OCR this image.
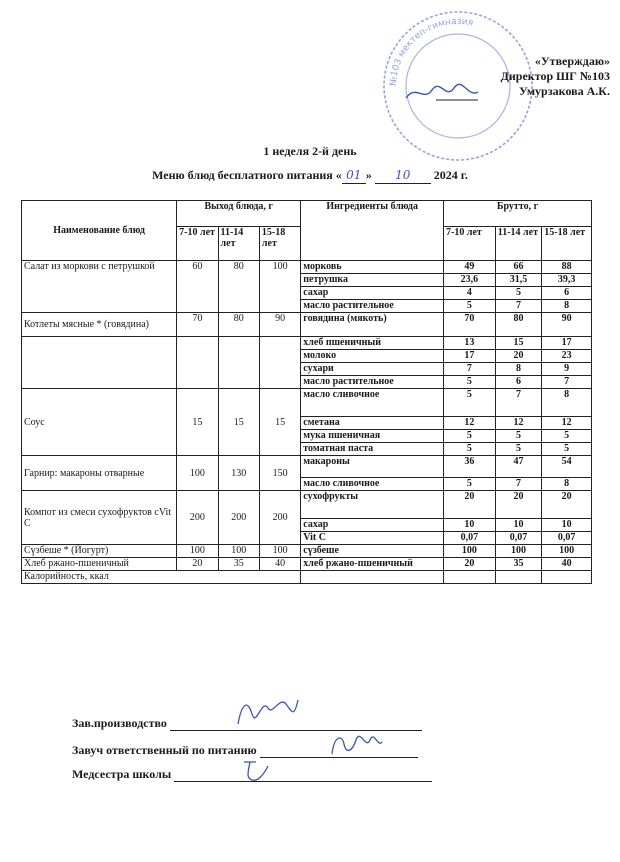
№103 мектеп-гимназия
«Утверждаю»
Директор ШГ №103
Умурзакова А.К.
1 неделя 2-й день
Меню блюд бесплатного питания « 01 » 10 2024 г.
Наименование блюд	Выход блюда, г			Ингредиенты блюда	Брутто, г		
	7-10 лет	11-14 лет	15-18 лет		7-10 лет	11-14 лет	15-18 лет
Салат из моркови с петрушкой	60	80	100	морковь	49	66	88
				петрушка	23,6	31,5	39,3
				сахар	4	5	6
				масло растительное	5	7	8
Котлеты мясные * (говядина)	70	80	90	говядина (мякоть)	70	80	90
				хлеб пшеничный	13	15	17
				молоко	17	20	23
				сухари	7	8	9
				масло растительное	5	6	7
Соус	15	15	15	масло сливочное	5	7	8
				сметана	12	12	12
				мука пшеничная	5	5	5
				томатная паста	5	5	5
Гарнир: макароны отварные	100	130	150	макароны	36	47	54
				масло сливочное	5	7	8
Компот из смеси сухофруктов cVit C	200	200	200	сухофрукты	20	20	20
				сахар	10	10	10
				Vit C	0,07	0,07	0,07
Сүзбеше * (Йогурт)	100	100	100	сүзбеше	100	100	100
Хлеб ржано-пшеничный	20	35	40	хлеб ржано-пшеничный	20	35	40
Калорийность, ккал							
Зав.производство
Завуч ответственный по питанию
Медсестра школы
